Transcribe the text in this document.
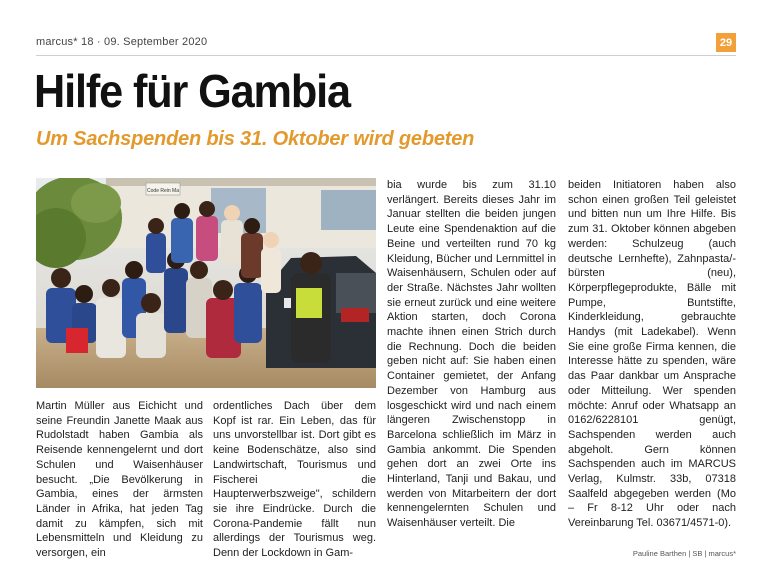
marcus* 18 · 09. September 2020	29
Hilfe für Gambia
Um Sachspenden bis 31. Oktober wird gebeten
Code Rein Ma

Martin Müller aus Eichicht und seine Freundin Janette Maak aus Rudolstadt haben Gambia als Reisende kennengelernt und dort Schulen und Waisenhäuser besucht. „Die Bevölkerung in Gambia, eines der ärmsten Länder in Afrika, hat jeden Tag damit zu kämpfen, sich mit Lebensmitteln und Kleidung zu versorgen, ein

ordentliches Dach über dem Kopf ist rar. Ein Leben, das für uns unvorstellbar ist. Dort gibt es keine Bodenschätze, also sind Landwirtschaft, Tourismus und Fischerei die Haupterwerbszweige", schildern sie ihre Eindrücke. Durch die Corona-Pandemie fällt nun allerdings der Tourismus weg. Denn der Lockdown in Gam-

bia wurde bis zum 31.10 verlängert. Bereits dieses Jahr im Januar stellten die beiden jungen Leute eine Spendenaktion auf die Beine und verteilten rund 70 kg Kleidung, Bücher und Lernmittel in Waisenhäusern, Schulen oder auf der Straße. Nächstes Jahr wollten sie erneut zurück und eine weitere Aktion starten, doch Corona machte ihnen einen Strich durch die Rechnung. Doch die beiden geben nicht auf: Sie haben einen Container gemietet, der Anfang Dezember von Hamburg aus losgeschickt wird und nach einem längeren Zwischenstopp in Barcelona schließlich im März in Gambia ankommt. Die Spenden gehen dort an zwei Orte ins Hinterland, Tanji und Bakau, und werden von Mitarbeitern der dort kennengelernten Schulen und Waisenhäuser verteilt. Die

beiden Initiatoren haben also schon einen großen Teil geleistet und bitten nun um Ihre Hilfe. Bis zum 31. Oktober können abgeben werden: Schulzeug (auch deutsche Lernhefte), Zahnpasta/-bürsten (neu), Körperpflegeprodukte, Bälle mit Pumpe, Buntstifte, Kinderkleidung, gebrauchte Handys (mit Ladekabel). Wenn Sie eine große Firma kennen, die Interesse hätte zu spenden, wäre das Paar dankbar um Ansprache oder Mitteilung. Wer spenden möchte: Anruf oder Whatsapp an 0162/6228101 genügt, Sachspenden werden auch abgeholt. Gern können Sachspenden auch im MARCUS Verlag, Kulmstr. 33b, 07318 Saalfeld abgegeben werden (Mo – Fr 8-12 Uhr oder nach Vereinbarung Tel. 03671/4571-0).

Pauline Barthen | SB | marcus*
